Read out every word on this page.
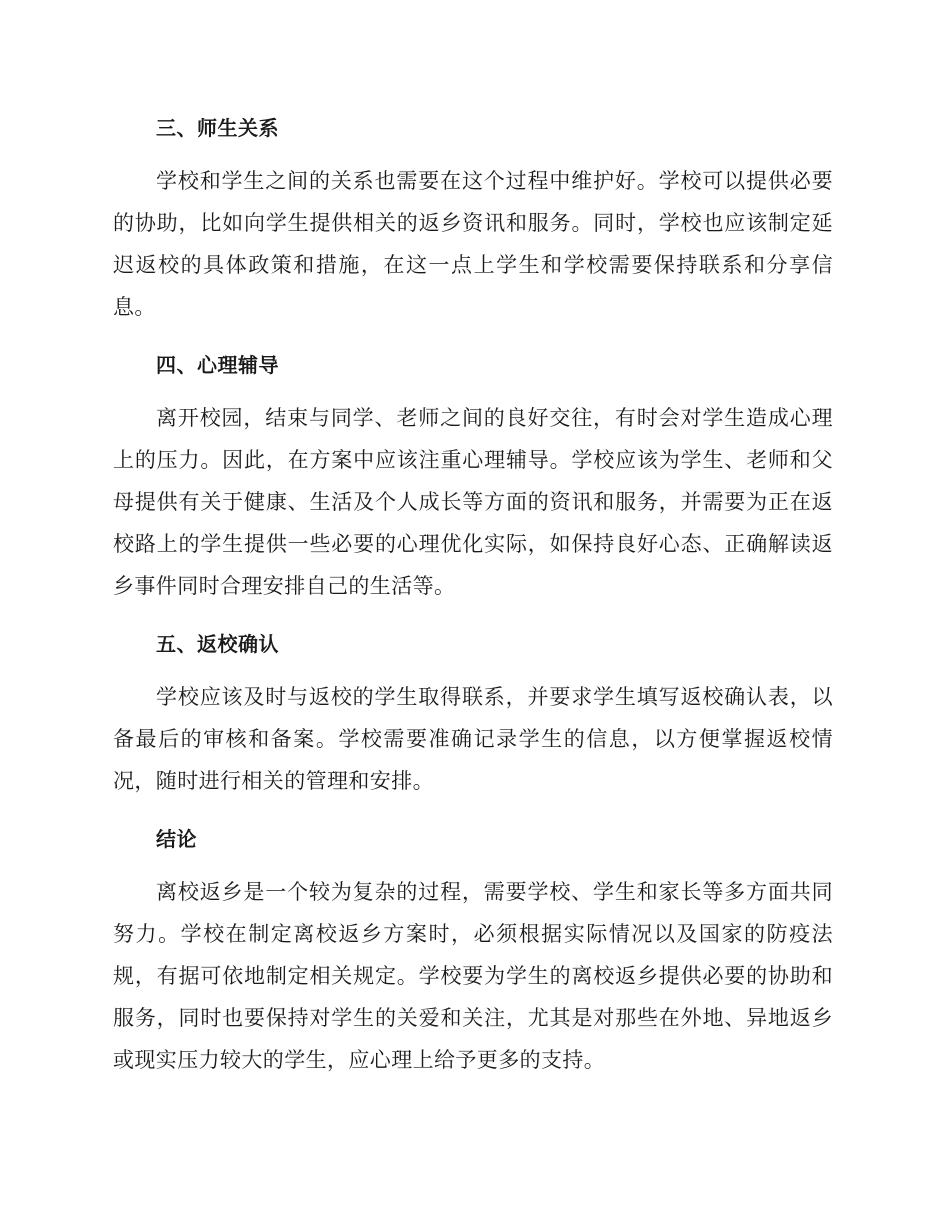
三、师生关系

学校和学生之间的关系也需要在这个过程中维护好。学校可以提供必要的协助，比如向学生提供相关的返乡资讯和服务。同时，学校也应该制定延迟返校的具体政策和措施，在这一点上学生和学校需要保持联系和分享信息。

四、心理辅导

离开校园，结束与同学、老师之间的良好交往，有时会对学生造成心理上的压力。因此，在方案中应该注重心理辅导。学校应该为学生、老师和父母提供有关于健康、生活及个人成长等方面的资讯和服务，并需要为正在返校路上的学生提供一些必要的心理优化实际，如保持良好心态、正确解读返乡事件同时合理安排自己的生活等。

五、返校确认

学校应该及时与返校的学生取得联系，并要求学生填写返校确认表，以备最后的审核和备案。学校需要准确记录学生的信息，以方便掌握返校情况，随时进行相关的管理和安排。

结论

离校返乡是一个较为复杂的过程，需要学校、学生和家长等多方面共同努力。学校在制定离校返乡方案时，必须根据实际情况以及国家的防疫法规，有据可依地制定相关规定。学校要为学生的离校返乡提供必要的协助和服务，同时也要保持对学生的关爱和关注，尤其是对那些在外地、异地返乡或现实压力较大的学生，应心理上给予更多的支持。
